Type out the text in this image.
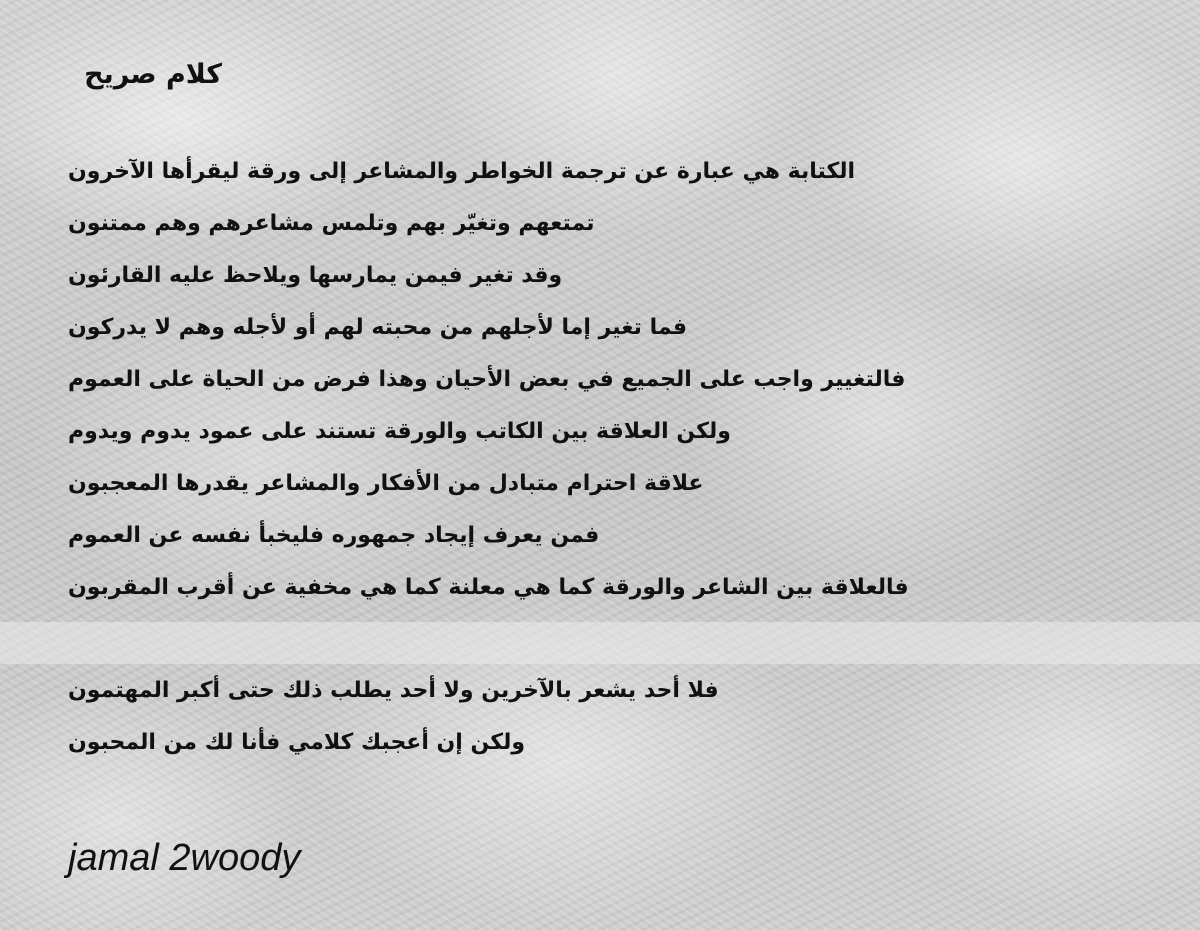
كلام صريح
الكتابة هي عبارة عن ترجمة الخواطر والمشاعر إلى ورقة ليقرأها الآخرون
تمتعهم وتغيّر بهم وتلمس مشاعرهم وهم ممتنون
وقد تغير فيمن يمارسها ويلاحظ عليه القارئون
فما تغير إما لأجلهم من محبته لهم أو لأجله وهم لا يدركون
فالتغيير واجب على الجميع في بعض الأحيان وهذا فرض من الحياة على العموم
ولكن العلاقة بين الكاتب والورقة تستند على عمود يدوم ويدوم
علاقة احترام متبادل من الأفكار والمشاعر يقدرها المعجبون
فمن يعرف إيجاد جمهوره فليخبأ نفسه عن العموم
فالعلاقة بين الشاعر والورقة كما هي معلنة كما هي مخفية عن أقرب المقربون
فلا أحد يشعر بالآخرين ولا أحد يطلب ذلك حتى أكبر المهتمون
ولكن إن أعجبك كلامي فأنا لك من المحبون

jamal 2woody
